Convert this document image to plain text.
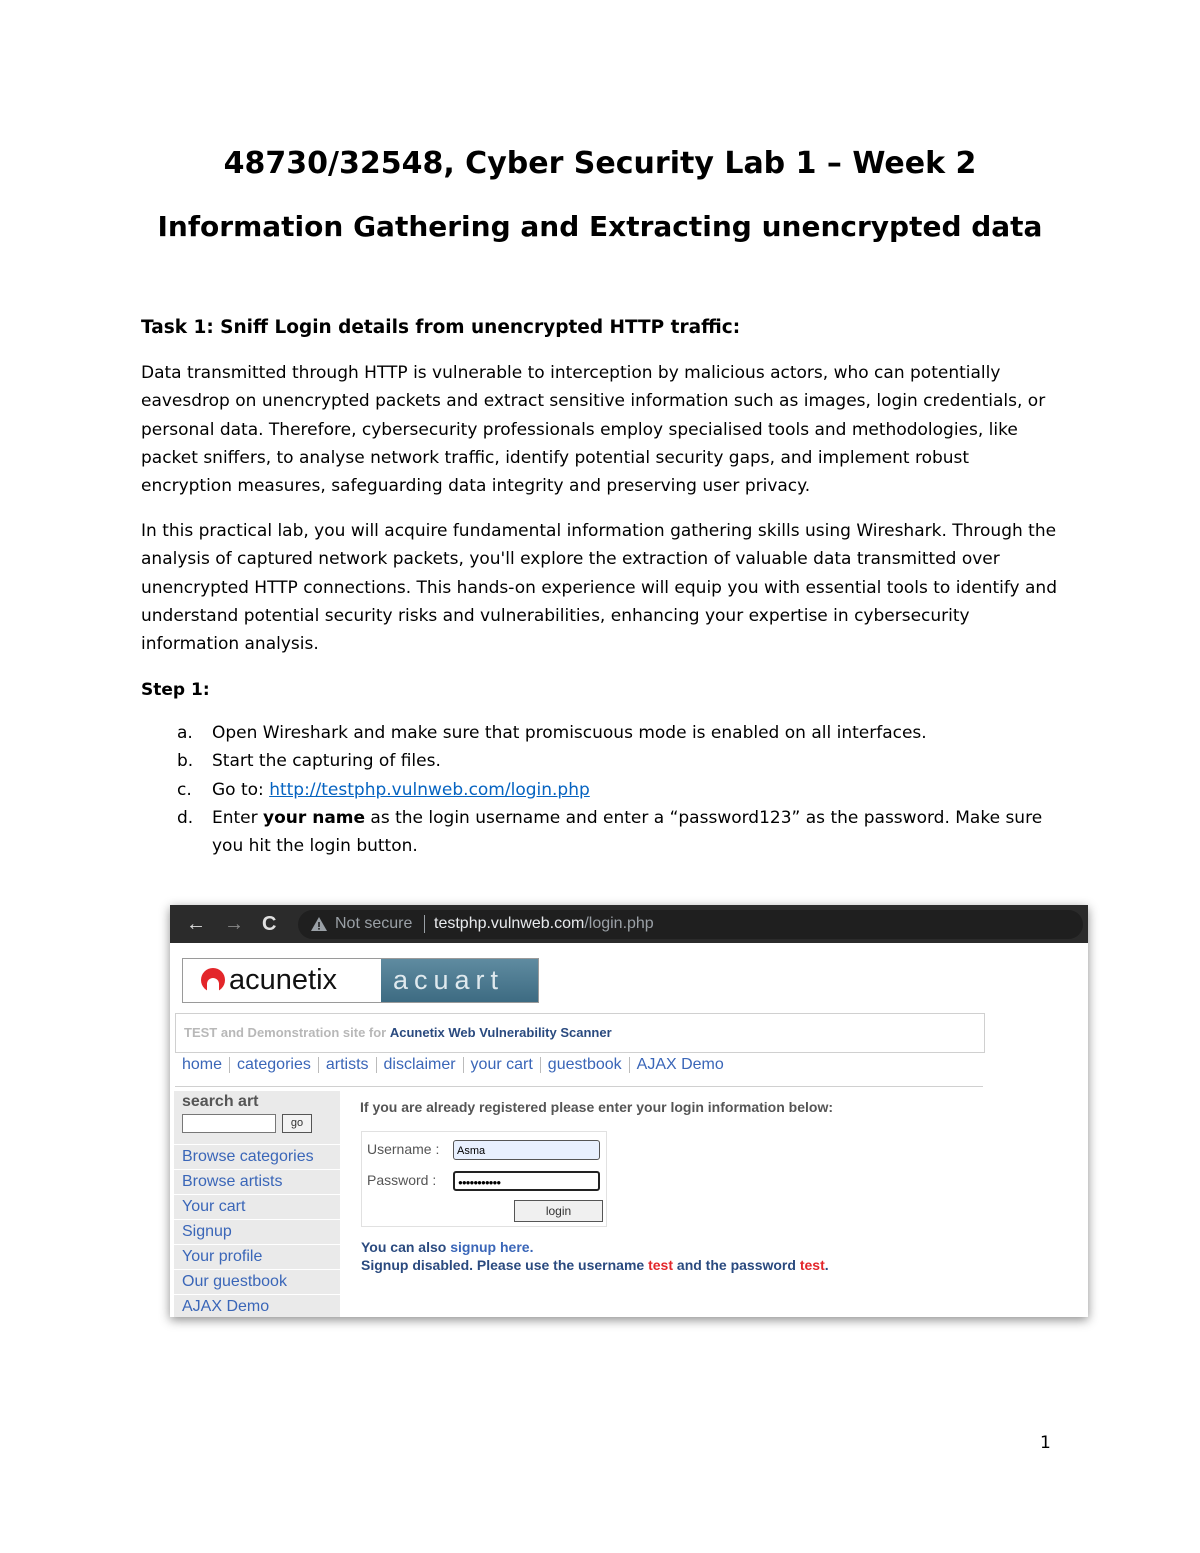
48730/32548, Cyber Security Lab 1 – Week 2
Information Gathering and Extracting unencrypted data
Task 1: Sniff Login details from unencrypted HTTP traffic:

Data transmitted through HTTP is vulnerable to interception by malicious actors, who can potentially eavesdrop on unencrypted packets and extract sensitive information such as images, login credentials, or personal data. Therefore, cybersecurity professionals employ specialised tools and methodologies, like packet sniffers, to analyse network traffic, identify potential security gaps, and implement robust encryption measures, safeguarding data integrity and preserving user privacy.

In this practical lab, you will acquire fundamental information gathering skills using Wireshark. Through the analysis of captured network packets, you'll explore the extraction of valuable data transmitted over unencrypted HTTP connections. This hands-on experience will equip you with essential tools to identify and understand potential security risks and vulnerabilities, enhancing your expertise in cybersecurity information analysis.

Step 1:
a. Open Wireshark and make sure that promiscuous mode is enabled on all interfaces.
b. Start the capturing of files.
c. Go to: http://testphp.vulnweb.com/login.php
d. Enter your name as the login username and enter a “password123” as the password. Make sure you hit the login button.
← → C	Not secure testphp.vulnweb.com/login.php
acunetix acuart
TEST and Demonstration site for Acunetix Web Vulnerability Scanner
home categories artists disclaimer your cart guestbook AJAX Demo
search art
go
Browse categories
Browse artists
Your cart
Signup
Your profile
Our guestbook
AJAX Demo
If you are already registered please enter your login information below:
Username :	Asma
Password :	●●●●●●●●●●●
login
You can also signup here.
Signup disabled. Please use the username test and the password test.
1
